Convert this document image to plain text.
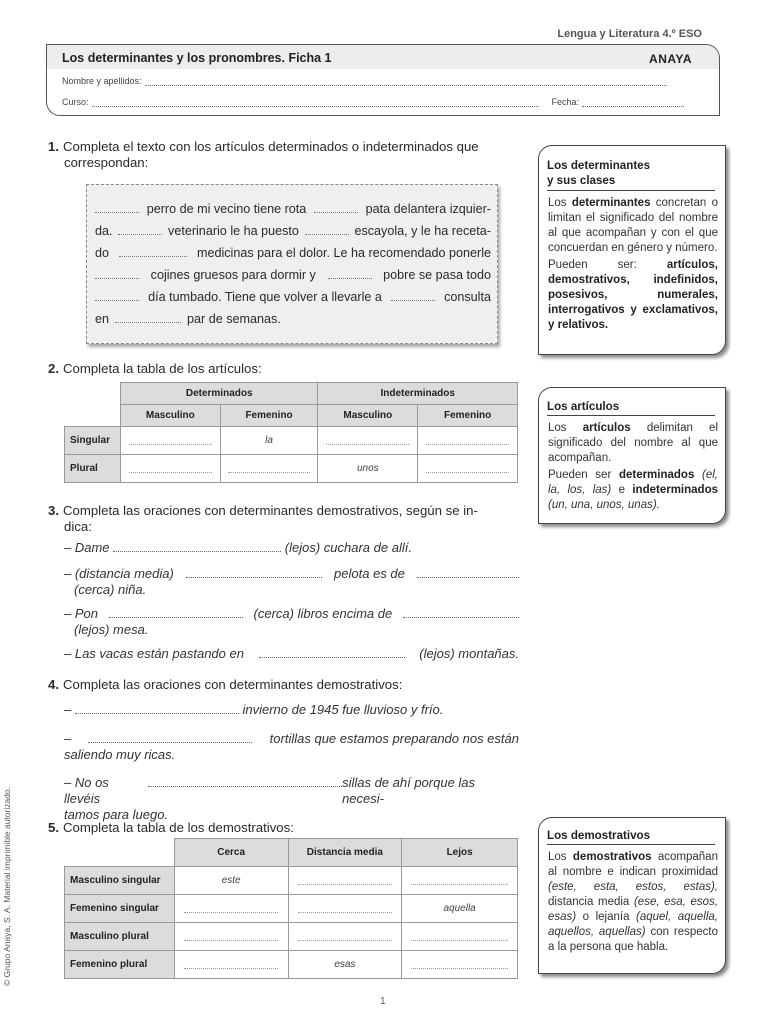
Lengua y Literatura 4.º ESO
Los determinantes y los pronombres. Ficha 1	ANAYA
Nombre y apellidos:
Curso:	Fecha:
1. Completa el texto con los artículos determinados o indeterminados que
correspondan:
perro de mi vecino tiene rota	pata delantera izquier-
da.	veterinario le ha puesto	escayola, y le ha receta-
do	medicinas para el dolor. Le ha recomendado ponerle
cojines gruesos para dormir y	pobre se pasa todo
día tumbado. Tiene que volver a llevarle a	consulta
en	par de semanas.
2. Completa la tabla de los artículos:
	Determinados		Indeterminados	
	Masculino	Femenino	Masculino	Femenino
Singular		la		
Plural			unos	
3. Completa las oraciones con determinantes demostrativos, según se in-
dica:
– Dame	(lejos) cuchara de allí.
– (distancia media)	pelota es de
(cerca) niña.
– Pon	(cerca) libros encima de
(lejos) mesa.
– Las vacas están pastando en	(lejos) montañas.
4. Completa las oraciones con determinantes demostrativos:
–	invierno de 1945 fue lluvioso y frío.
–	tortillas que estamos preparando nos están
saliendo muy ricas.
– No os llevéis
sillas de ahí porque las necesi-
tamos para luego.
5. Completa la tabla de los demostrativos:
	Cerca	Distancia media	Lejos
Masculino singular	este		
Femenino singular			aquella
Masculino plural			
Femenino plural		esas	
Los determinantes
y sus clases

Los determinantes concretan o limitan el significado del nombre al que acompañan y con el que concuerdan en género y número.

Pueden ser:	artículos, demostrativos, indefinidos, posesivos, numerales, interrogativos y exclamativos, y relativos.

Los artículos

Los artículos delimitan el significado del nombre al que acompañan.

Pueden ser determinados (el, la, los, las) e indeterminados (un, una, unos, unas).

Los demostrativos

Los demostrativos acompañan al nombre e indican proximidad (este, esta, estos, estas), distancia media (ese, esa, esos, esas) o lejanía (aquel, aquella, aquellos, aquellas) con respecto a la persona que habla.

© Grupo Anaya, S. A. Material imprimible autorizado.
1
